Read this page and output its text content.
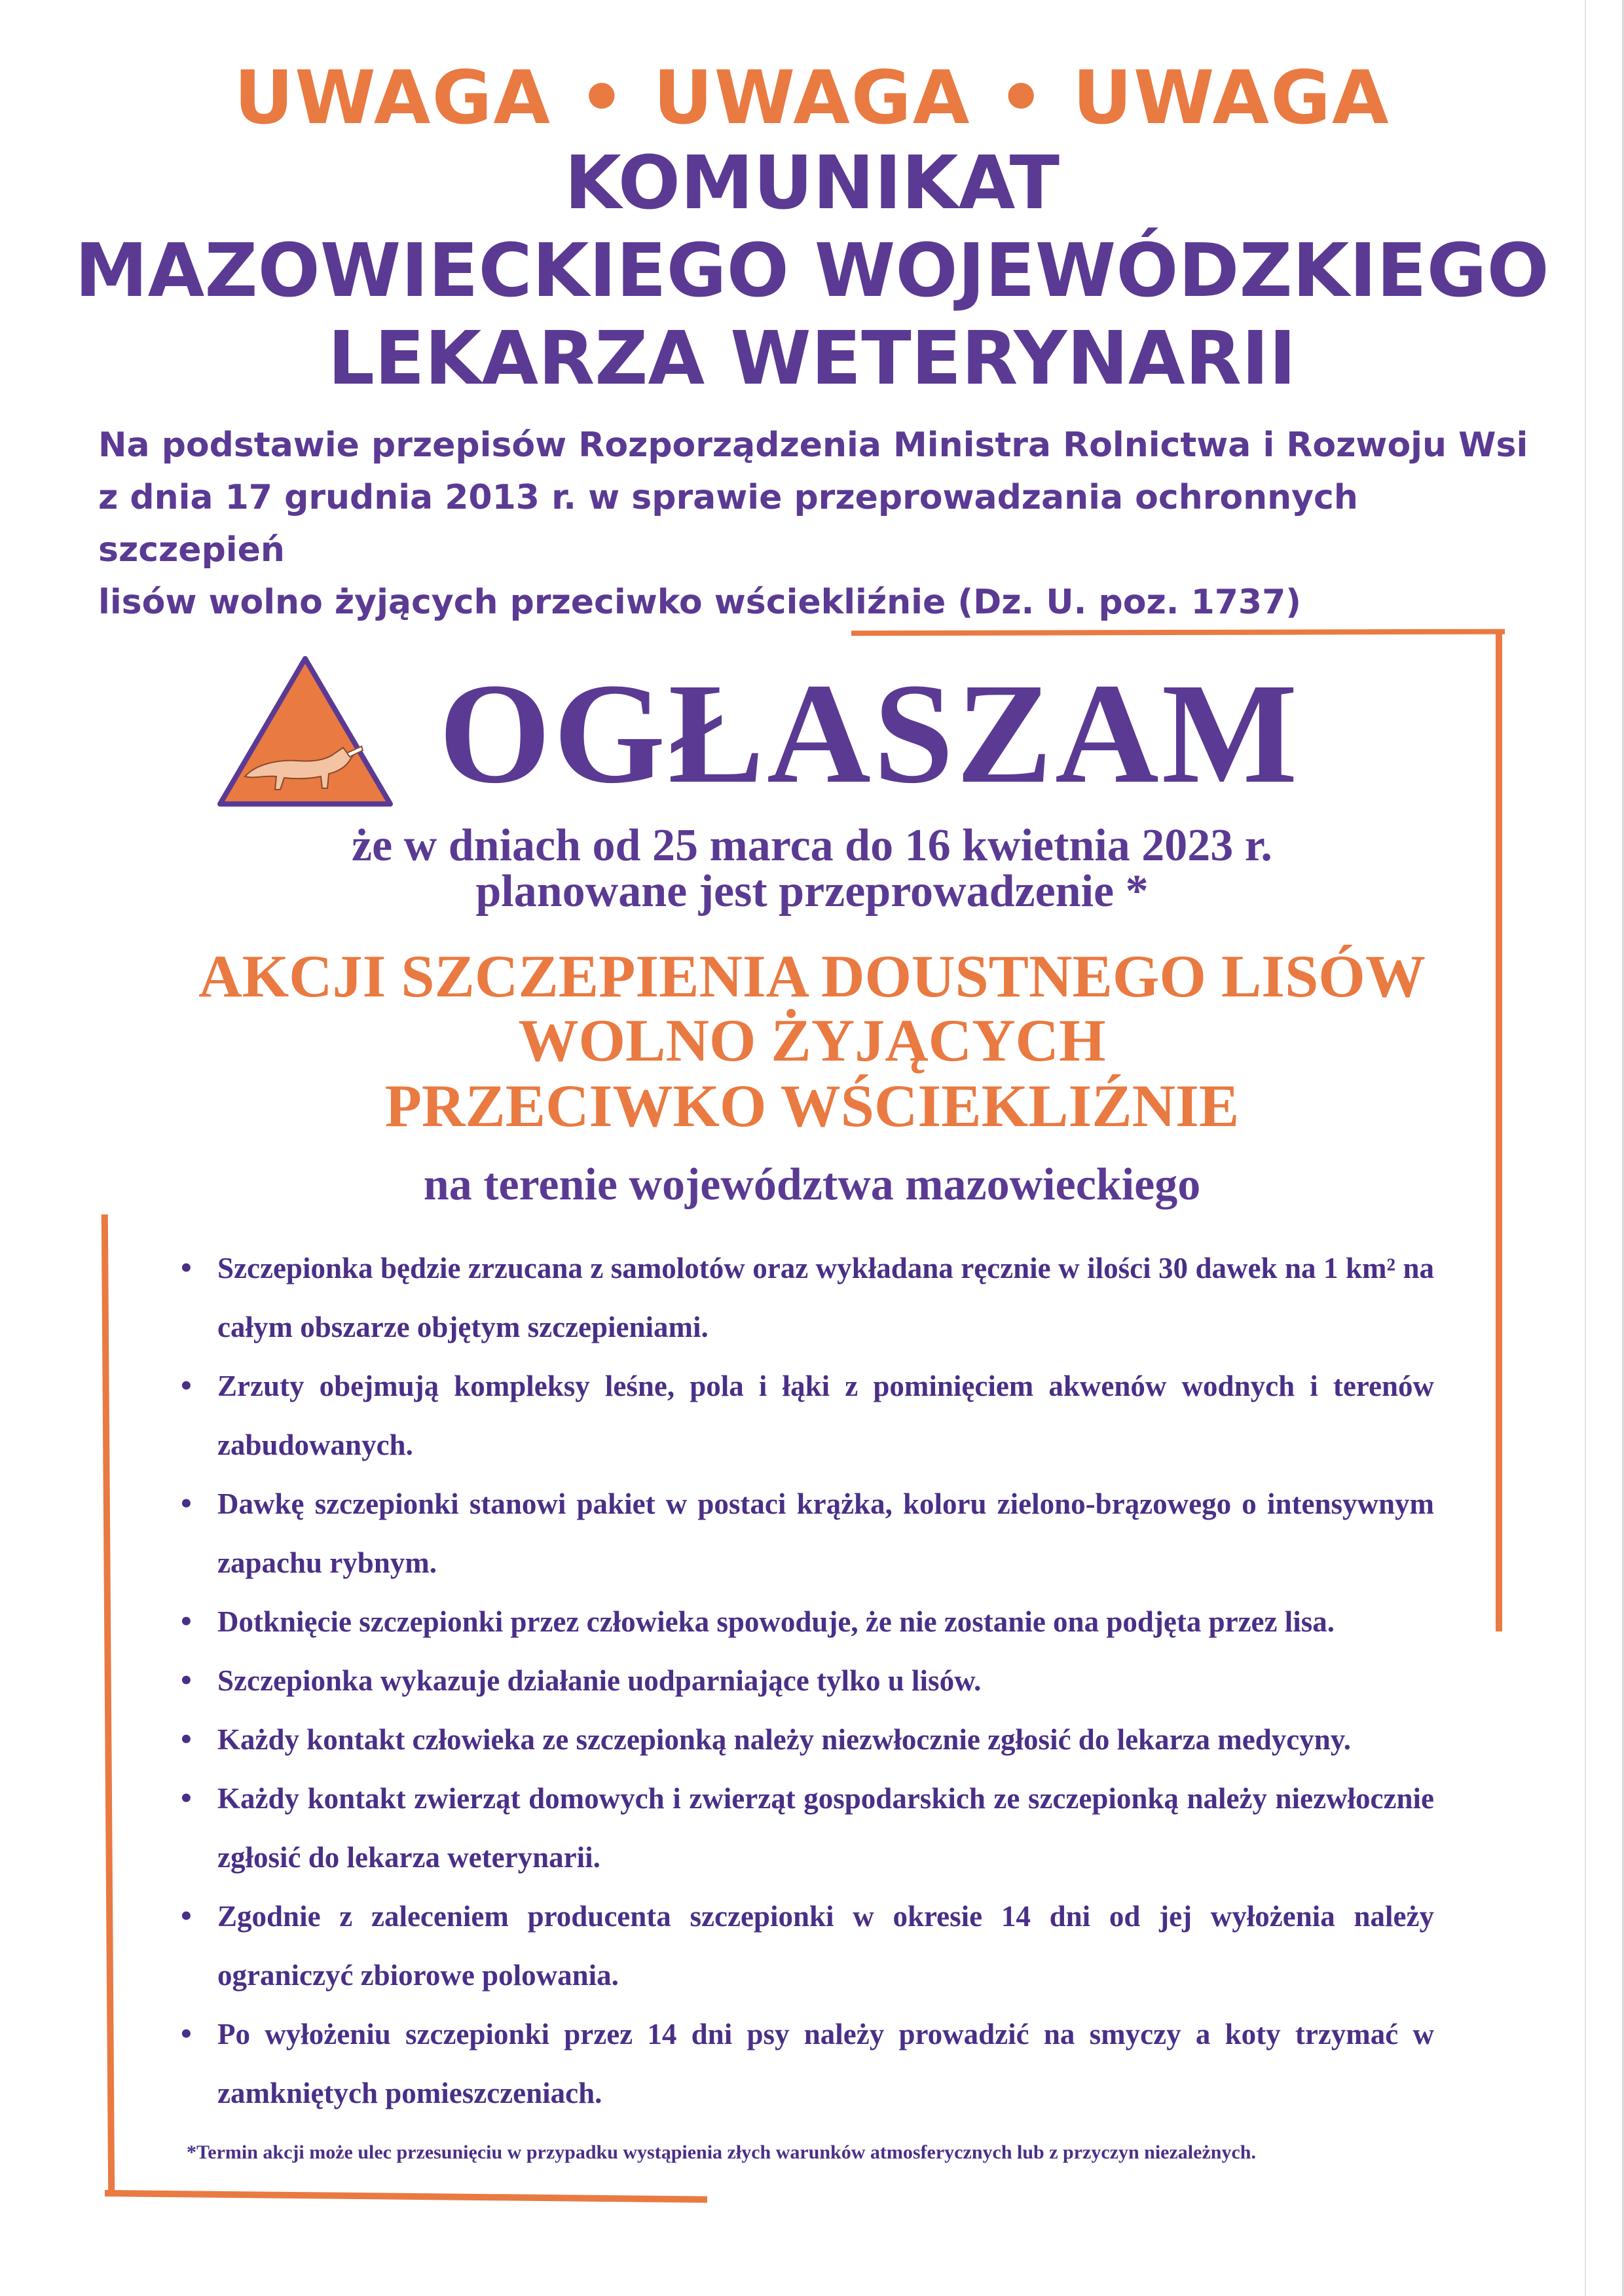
UWAGA • UWAGA • UWAGA
KOMUNIKAT
MAZOWIECKIEGO WOJEWÓDZKIEGO
LEKARZA WETERYNARII
Na podstawie przepisów Rozporządzenia Ministra Rolnictwa i Rozwoju Wsi
z dnia 17 grudnia 2013 r. w sprawie przeprowadzania ochronnych szczepień
lisów wolno żyjących przeciwko wściekliźnie (Dz. U. poz. 1737)
OGŁASZAM
że w dniach od 25 marca do 16 kwietnia 2023 r.
planowane jest przeprowadzenie *
AKCJI SZCZEPIENIA DOUSTNEGO LISÓW
WOLNO ŻYJĄCYCH
PRZECIWKO WŚCIEKLIŹNIE
na terenie województwa mazowieckiego
• Szczepionka będzie zrzucana z samolotów oraz wykładana ręcznie w ilości 30 dawek na 1 km² na całym obszarze objętym szczepieniami.
• Zrzuty obejmują kompleksy leśne, pola i łąki z pominięciem akwenów wodnych i terenów zabudowanych.
• Dawkę szczepionki stanowi pakiet w postaci krążka, koloru zielono-brązowego o intensywnym zapachu rybnym.
• Dotknięcie szczepionki przez człowieka spowoduje, że nie zostanie ona podjęta przez lisa.
• Szczepionka wykazuje działanie uodparniające tylko u lisów.
• Każdy kontakt człowieka ze szczepionką należy niezwłocznie zgłosić do lekarza medycyny.
• Każdy kontakt zwierząt domowych i zwierząt gospodarskich ze szczepionką należy niezwłocznie zgłosić do lekarza weterynarii.
• Zgodnie z zaleceniem producenta szczepionki w okresie 14 dni od jej wyłożenia należy ograniczyć zbiorowe polowania.
• Po wyłożeniu szczepionki przez 14 dni psy należy prowadzić na smyczy a koty trzymać w zamkniętych pomieszczeniach.
*Termin akcji może ulec przesunięciu w przypadku wystąpienia złych warunków atmosferycznych lub z przyczyn niezależnych.
